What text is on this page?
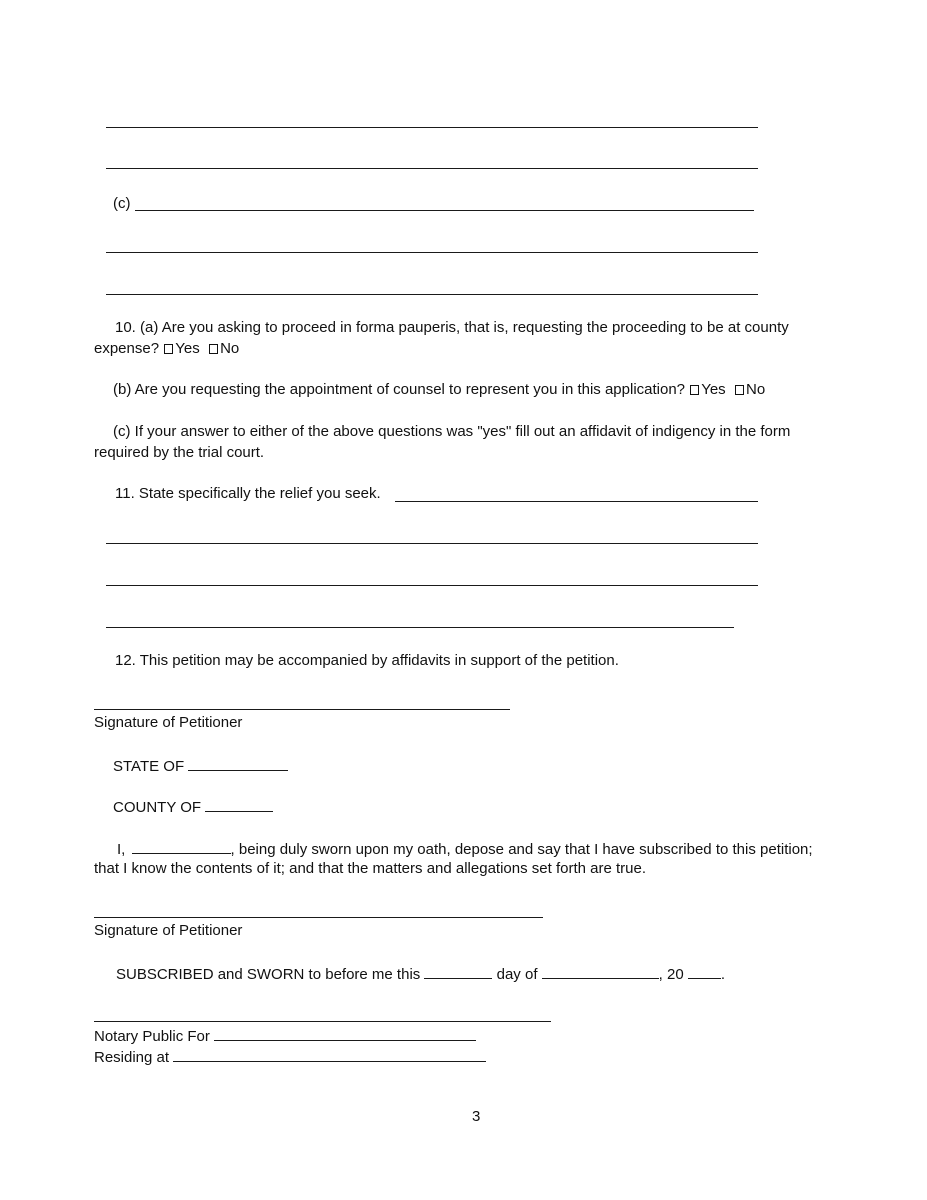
(c)
10. (a) Are you asking to proceed in forma pauperis, that is, requesting the proceeding to be at county
expense? Yes No
(b) Are you requesting the appointment of counsel to represent you in this application? Yes No
(c) If your answer to either of the above questions was "yes" fill out an affidavit of indigency in the form
required by the trial court.
11. State specifically the relief you seek.
12. This petition may be accompanied by affidavits in support of the petition.
Signature of Petitioner
STATE OF
COUNTY OF
I,	, being duly sworn upon my oath, depose and say that I have subscribed to this petition;
that I know the contents of it; and that the matters and allegations set forth are true.
Signature of Petitioner
SUBSCRIBED and SWORN to before me this	day of	, 20 .
Notary Public For
Residing at
3
